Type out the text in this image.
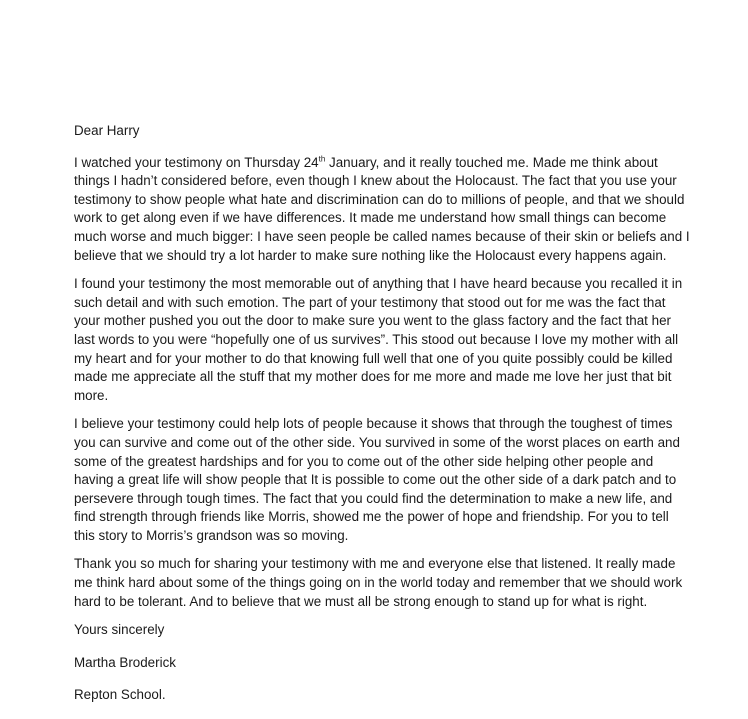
Dear Harry
I watched your testimony on Thursday 24th January, and it really touched me. Made me think about
things I hadn’t considered before, even though I knew about the Holocaust. The fact that you use your
testimony to show people what hate and discrimination can do to millions of people, and that we should
work to get along even if we have differences. It made me understand how small things can become
much worse and much bigger: I have seen people be called names because of their skin or beliefs and I
believe that we should try a lot harder to make sure nothing like the Holocaust every happens again.
I found your testimony the most memorable out of anything that I have heard because you recalled it in
such detail and with such emotion. The part of your testimony that stood out for me was the fact that
your mother pushed you out the door to make sure you went to the glass factory and the fact that her
last words to you were “hopefully one of us survives”. This stood out because I love my mother with all
my heart and for your mother to do that knowing full well that one of you quite possibly could be killed
made me appreciate all the stuff that my mother does for me more and made me love her just that bit
more.
I believe your testimony could help lots of people because it shows that through the toughest of times
you can survive and come out of the other side. You survived in some of the worst places on earth and
some of the greatest hardships and for you to come out of the other side helping other people and
having a great life will show people that It is possible to come out the other side of a dark patch and to
persevere through tough times. The fact that you could find the determination to make a new life, and
find strength through friends like Morris, showed me the power of hope and friendship. For you to tell
this story to Morris’s grandson was so moving.
Thank you so much for sharing your testimony with me and everyone else that listened. It really made
me think hard about some of the things going on in the world today and remember that we should work
hard to be tolerant. And to believe that we must all be strong enough to stand up for what is right.
Yours sincerely
Martha Broderick
Repton School.
